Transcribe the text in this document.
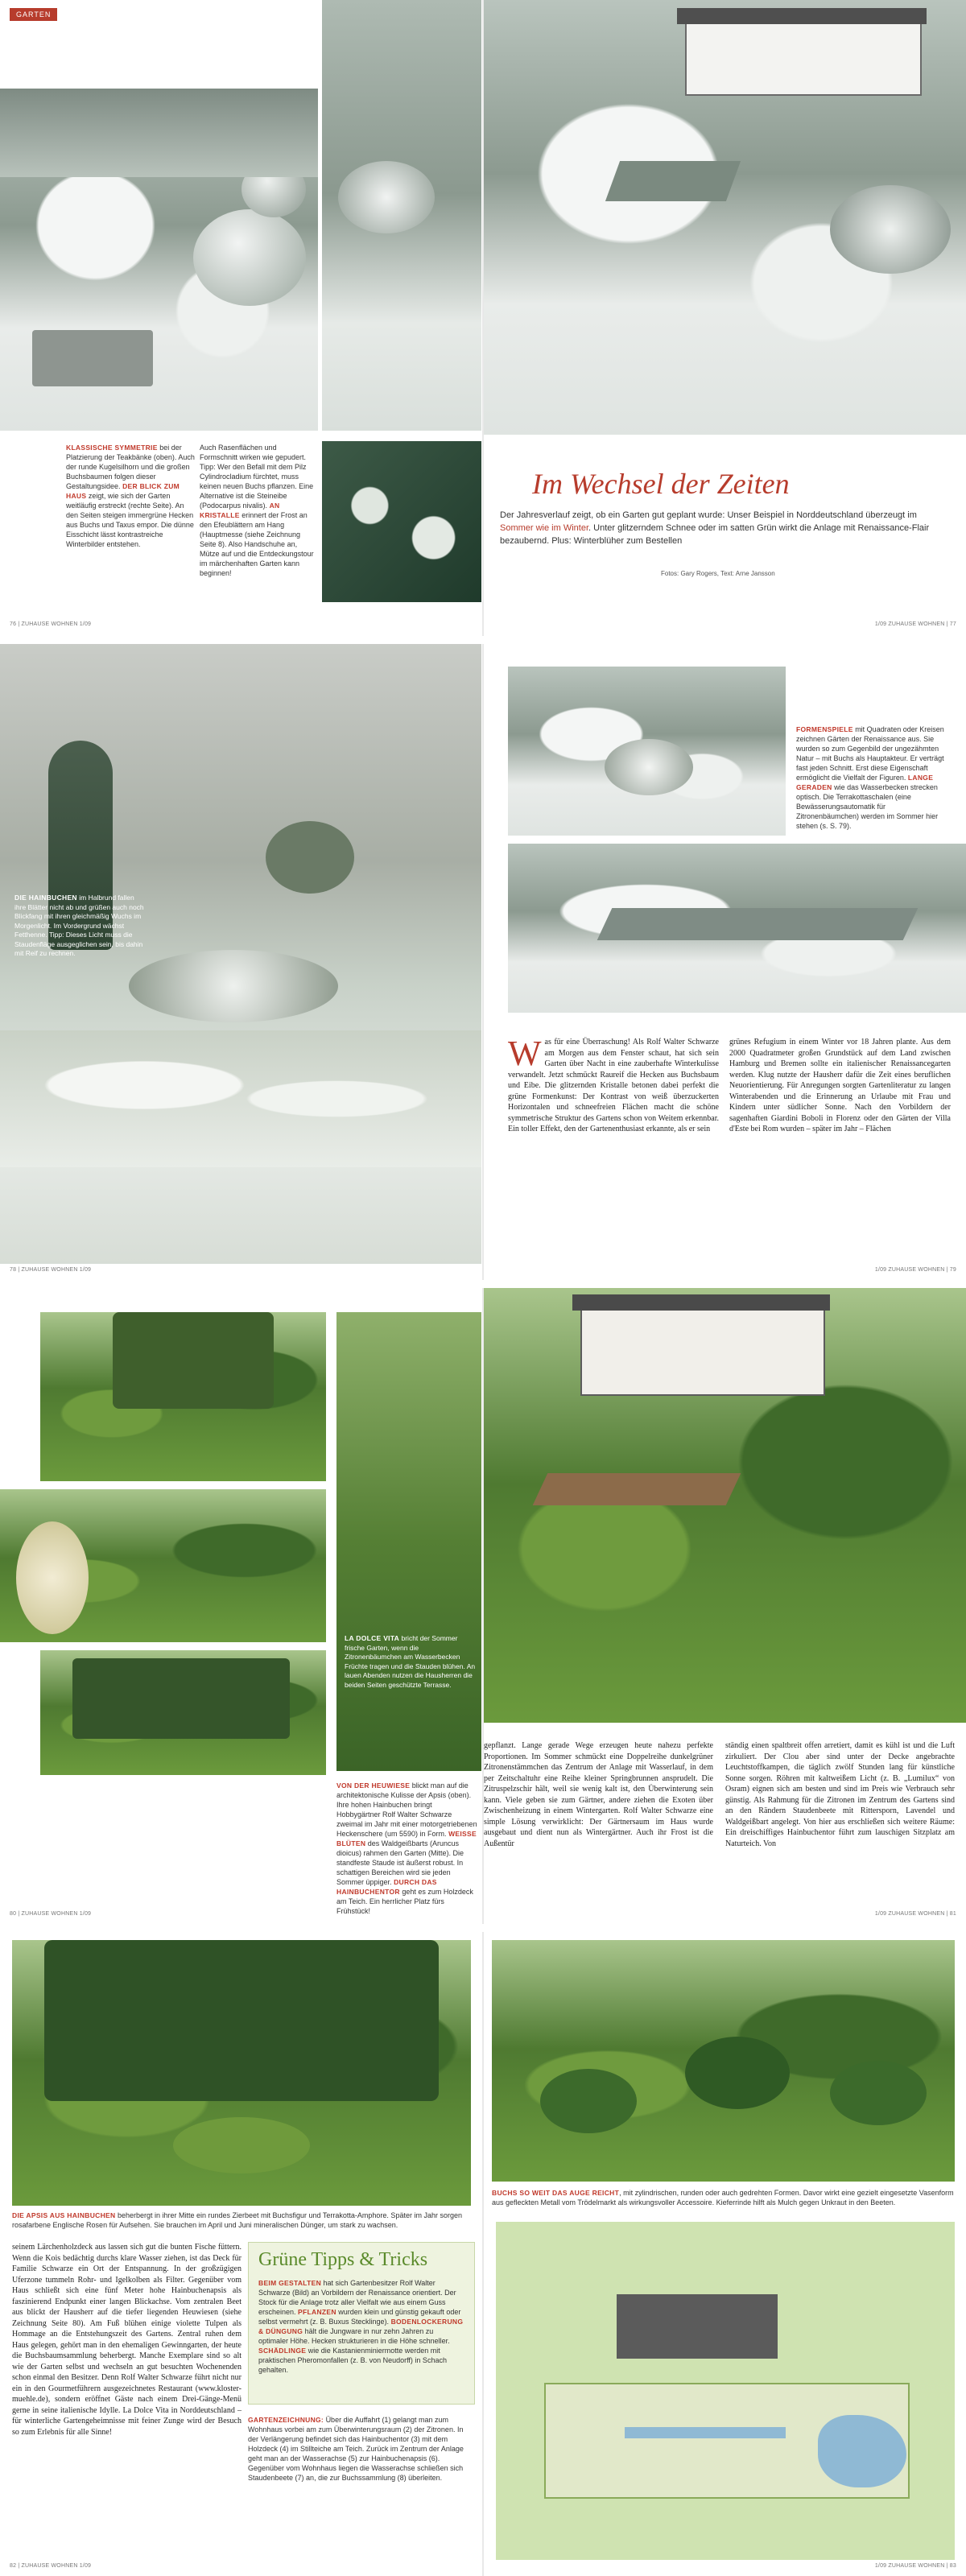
GARTEN
KLASSISCHE SYMMETRIE bei der Platzierung der Teakbänke (oben). Auch der runde Kugelsilhorn und die großen Buchsbaumen folgen dieser Gestaltungsidee. DER BLICK ZUM HAUS zeigt, wie sich der Garten weitläufig erstreckt (rechte Seite). An den Seiten steigen immergrüne Hecken aus Buchs und Taxus empor. Die dünne Eisschicht lässt kontrastreiche Winterbilder entstehen.
Auch Rasenflächen und Formschnitt wirken wie gepudert. Tipp: Wer den Befall mit dem Pilz Cylindrocladium fürchtet, muss keinen neuen Buchs pflanzen. Eine Alternative ist die Steineibe (Podocarpus nivalis). AN KRISTALLE erinnert der Frost an den Efeublättern am Hang (Hauptmesse (siehe Zeichnung Seite 8). Also Handschuhe an, Mütze auf und die Entdeckungstour im märchenhaften Garten kann beginnen!
76 | ZUHAUSE WOHNEN 1/09
Im Wechsel der Zeiten
Der Jahresverlauf zeigt, ob ein Garten gut geplant wurde: Unser Beispiel in Norddeutschland überzeugt im Sommer wie im Winter. Unter glitzerndem Schnee oder im satten Grün wirkt die Anlage mit Renaissance-Flair bezaubernd. Plus: Winterblüher zum Bestellen
Fotos: Gary Rogers, Text: Arne Jansson
1/09 ZUHAUSE WOHNEN | 77
DIE HAINBUCHEN im Halbrund fallen ihre Blätter nicht ab und grüßen auch noch Blickfang mit ihren gleichmäßig Wuchs im Morgenlicht. Im Vordergrund wächst Fetthenne. Tipp: Dieses Licht muss die Staudenfläge ausgeglichen sein, bis dahin mit Reif zu rechnen.
78 | ZUHAUSE WOHNEN 1/09
FORMENSPIELE mit Quadraten oder Kreisen zeichnen Gärten der Renaissance aus. Sie wurden so zum Gegenbild der ungezähmten Natur – mit Buchs als Hauptakteur. Er verträgt fast jeden Schnitt. Erst diese Eigenschaft ermöglicht die Vielfalt der Figuren. LANGE GERADEN wie das Wasserbecken strecken optisch. Die Terrakottaschalen (eine Bewässerungsautomatik für Zitronenbäumchen) werden im Sommer hier stehen (s. S. 79).
W as für eine Überraschung! Als Rolf Walter Schwarze am Morgen aus dem Fenster schaut, hat sich sein Garten über Nacht in eine zauberhafte Winterkulisse verwandelt. Jetzt schmückt Raureif die Hecken aus Buchsbaum und Eibe. Die glitzernden Kristalle betonen dabei perfekt die grüne Formenkunst: Der Kontrast von weiß überzuckerten Horizontalen und schneefreien Flächen macht die schöne symmetrische Struktur des Gartens schon von Weitem erkennbar. Ein toller Effekt, den der Gartenenthusiast erkannte, als er sein
grünes Refugium in einem Winter vor 18 Jahren plante. Aus dem 2000 Quadratmeter großen Grundstück auf dem Land zwischen Hamburg und Bremen sollte ein italienischer Renaissancegarten werden. Klug nutzte der Hausherr dafür die Zeit eines beruflichen Neuorientierung. Für Anregungen sorgten Gartenliteratur zu langen Winterabenden und die Erinnerung an Urlaube mit Frau und Kindern unter südlicher Sonne. Nach den Vorbildern der sagenhaften Giardini Boboli in Florenz oder den Gärten der Villa d'Este bei Rom wurden – später im Jahr – Flächen
1/09 ZUHAUSE WOHNEN | 79
LA DOLCE VITA bricht der Sommer frische Garten, wenn die Zitronenbäumchen am Wasserbecken Früchte tragen und die Stauden blühen. An lauen Abenden nutzen die Hausherren die beiden Seiten geschützte Terrasse.
VON DER HEUWIESE blickt man auf die architektonische Kulisse der Apsis (oben). Ihre hohen Hainbuchen bringt Hobbygärtner Rolf Walter Schwarze zweimal im Jahr mit einer motorgetriebenen Heckenschere (um 5590) in Form. WEISSE BLÜTEN des Waldgeißbarts (Aruncus dioicus) rahmen den Garten (Mitte). Die standfeste Staude ist äußerst robust. In schattigen Bereichen wird sie jeden Sommer üppiger. DURCH DAS HAINBUCHENTOR geht es zum Holzdeck am Teich. Ein herrlicher Platz fürs Frühstück!
80 | ZUHAUSE WOHNEN 1/09
gepflanzt. Lange gerade Wege erzeugen heute nahezu perfekte Proportionen. Im Sommer schmückt eine Doppelreihe dunkelgrüner Zitronenstämmchen das Zentrum der Anlage mit Wasserlauf, in dem per Zeitschaltuhr eine Reihe kleiner Springbrunnen ansprudelt. Die Zitruspelzschir hält, weil sie wenig kalt ist, den Überwinterung sein kann. Viele geben sie zum Gärtner, andere ziehen die Exoten über Zwischenheizung in einem Wintergarten. Rolf Walter Schwarze eine simple Lösung verwirklicht: Der Gärtnersaum im Haus wurde ausgebaut und dient nun als Wintergärtner. Auch ihr Frost ist die Außentür
ständig einen spaltbreit offen arretiert, damit es kühl ist und die Luft zirkuliert. Der Clou aber sind unter der Decke angebrachte Leuchtstoffkampen, die täglich zwölf Stunden lang für künstliche Sonne sorgen. Röhren mit kaltweißem Licht (z. B. „Lumilux“ von Osram) eignen sich am besten und sind im Preis wie Verbrauch sehr günstig. Als Rahmung für die Zitronen im Zentrum des Gartens sind an den Rändern Staudenbeete mit Rittersporn, Lavendel und Waldgeißbart angelegt. Von hier aus erschließen sich weitere Räume: Ein dreischiffiges Hainbuchentor führt zum lauschigen Sitzplatz am Naturteich. Von
1/09 ZUHAUSE WOHNEN | 81
DIE APSIS AUS HAINBUCHEN beherbergt in ihrer Mitte ein rundes Zierbeet mit Buchsfigur und Terrakotta-Amphore. Später im Jahr sorgen rosafarbene Englische Rosen für Aufsehen. Sie brauchen im April und Juni mineralischen Dünger, um stark zu wachsen.
seinem Lärchenholzdeck aus lassen sich gut die bunten Fische füttern. Wenn die Kois bedächtig durchs klare Wasser ziehen, ist das Deck für Familie Schwarze ein Ort der Entspannung. In der großzügigen Uferzone tummeln Rohr- und Igelkolben als Filter. Gegenüber vom Haus schließt sich eine fünf Meter hohe Hainbuchenapsis als faszinierend Endpunkt einer langen Blickachse. Vom zentralen Beet aus blickt der Hausherr auf die tiefer liegenden Heuwiesen (siehe Zeichnung Seite 80). Am Fuß blühen einige violette Tulpen als Hommage an die Entstehungszeit des Gartens. Zentral ruhen dem Haus gelegen, gehört man in den ehemaligen Gewinngarten, der heute die Buchsbaumsammlung beherbergt. Manche Exemplare sind so alt wie der Garten selbst und wechseln an gut besuchten Wochenenden schon einmal den Besitzer. Denn Rolf Walter Schwarze führt nicht nur ein in den Gourmetführern ausgezeichnetes Restaurant (www.kloster-muehle.de), sondern eröffnet Gäste nach einem Drei-Gänge-Menü gerne in seine italienische Idylle. La Dolce Vita in Norddeutschland – für winterliche Gartengeheimnisse mit feiner Zunge wird der Besuch so zum Erlebnis für alle Sinne!
Grüne Tipps & Tricks
BEIM GESTALTEN hat sich Gartenbesitzer Rolf Walter Schwarze (Bild) an Vorbildern der Renaissance orientiert. Der Stock für die Anlage trotz aller Vielfalt wie aus einem Guss erscheinen. PFLANZEN wurden klein und günstig gekauft oder selbst vermehrt (z. B. Buxus Stecklinge). BODENLOCKERUNG & DÜNGUNG hält die Jungware in nur zehn Jahren zu optimaler Höhe. Hecken strukturieren in die Höhe schneller. SCHÄDLINGE wie die Kastanienminiermotte werden mit praktischen Pheromonfallen (z. B. von Neudorff) in Schach gehalten.
GARTENZEICHNUNG: Über die Auffahrt (1) gelangt man zum Wohnhaus vorbei am zum Überwinterungsraum (2) der Zitronen. In der Verlängerung befindet sich das Hainbuchentor (3) mit dem Holzdeck (4) im Stillteiche am Teich. Zurück im Zentrum der Anlage geht man an der Wasserachse (5) zur Hainbuchenapsis (6). Gegenüber vom Wohnhaus liegen die Wasserachse schließen sich Staudenbeete (7) an, die zur Buchssammlung (8) überleiten.
82 | ZUHAUSE WOHNEN 1/09
BUCHS SO WEIT DAS AUGE REICHT, mit zylindrischen, runden oder auch gedrehten Formen. Davor wirkt eine gezielt eingesetzte Vasenform aus gefleckten Metall vom Trödelmarkt als wirkungsvoller Accessoire. Kieferrinde hilft als Mulch gegen Unkraut in den Beeten.
1/09 ZUHAUSE WOHNEN | 83
